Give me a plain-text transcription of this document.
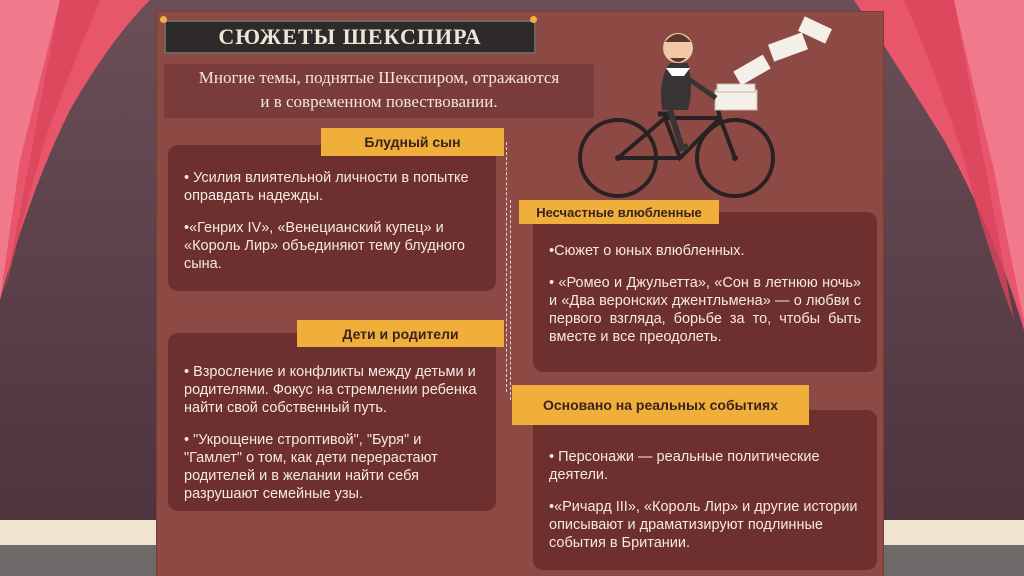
СЮЖЕТЫ ШЕКСПИРА
Многие темы, поднятые Шекспиром, отражаются
и в современном повествовании.

• Усилия влиятельной личности в попытке оправдать надежды.

•«Генрих IV», «Венецианский купец» и «Король Лир» объединяют тему блудного сына.

Блудный сын

•Сюжет о юных влюбленных.

• «Ромео и Джульетта», «Сон в летнюю ночь» и «Два веронских джентльмена» — о любви с первого взгляда, борьбе за то, чтобы быть вместе и все преодолеть.

Несчастные влюбленные

• Взросление и конфликты между детьми и родителями. Фокус на стремлении ребенка найти свой собственный путь.

• "Укрощение строптивой", "Буря" и "Гамлет" о том, как дети перерастают родителей и в желании найти себя разрушают семейные узы.

Дети и родители

• Персонажи — реальные политические деятели.

•«Ричард III», «Король Лир» и другие истории описывают и драматизируют подлинные события в Британии.

Основано на реальных событиях
